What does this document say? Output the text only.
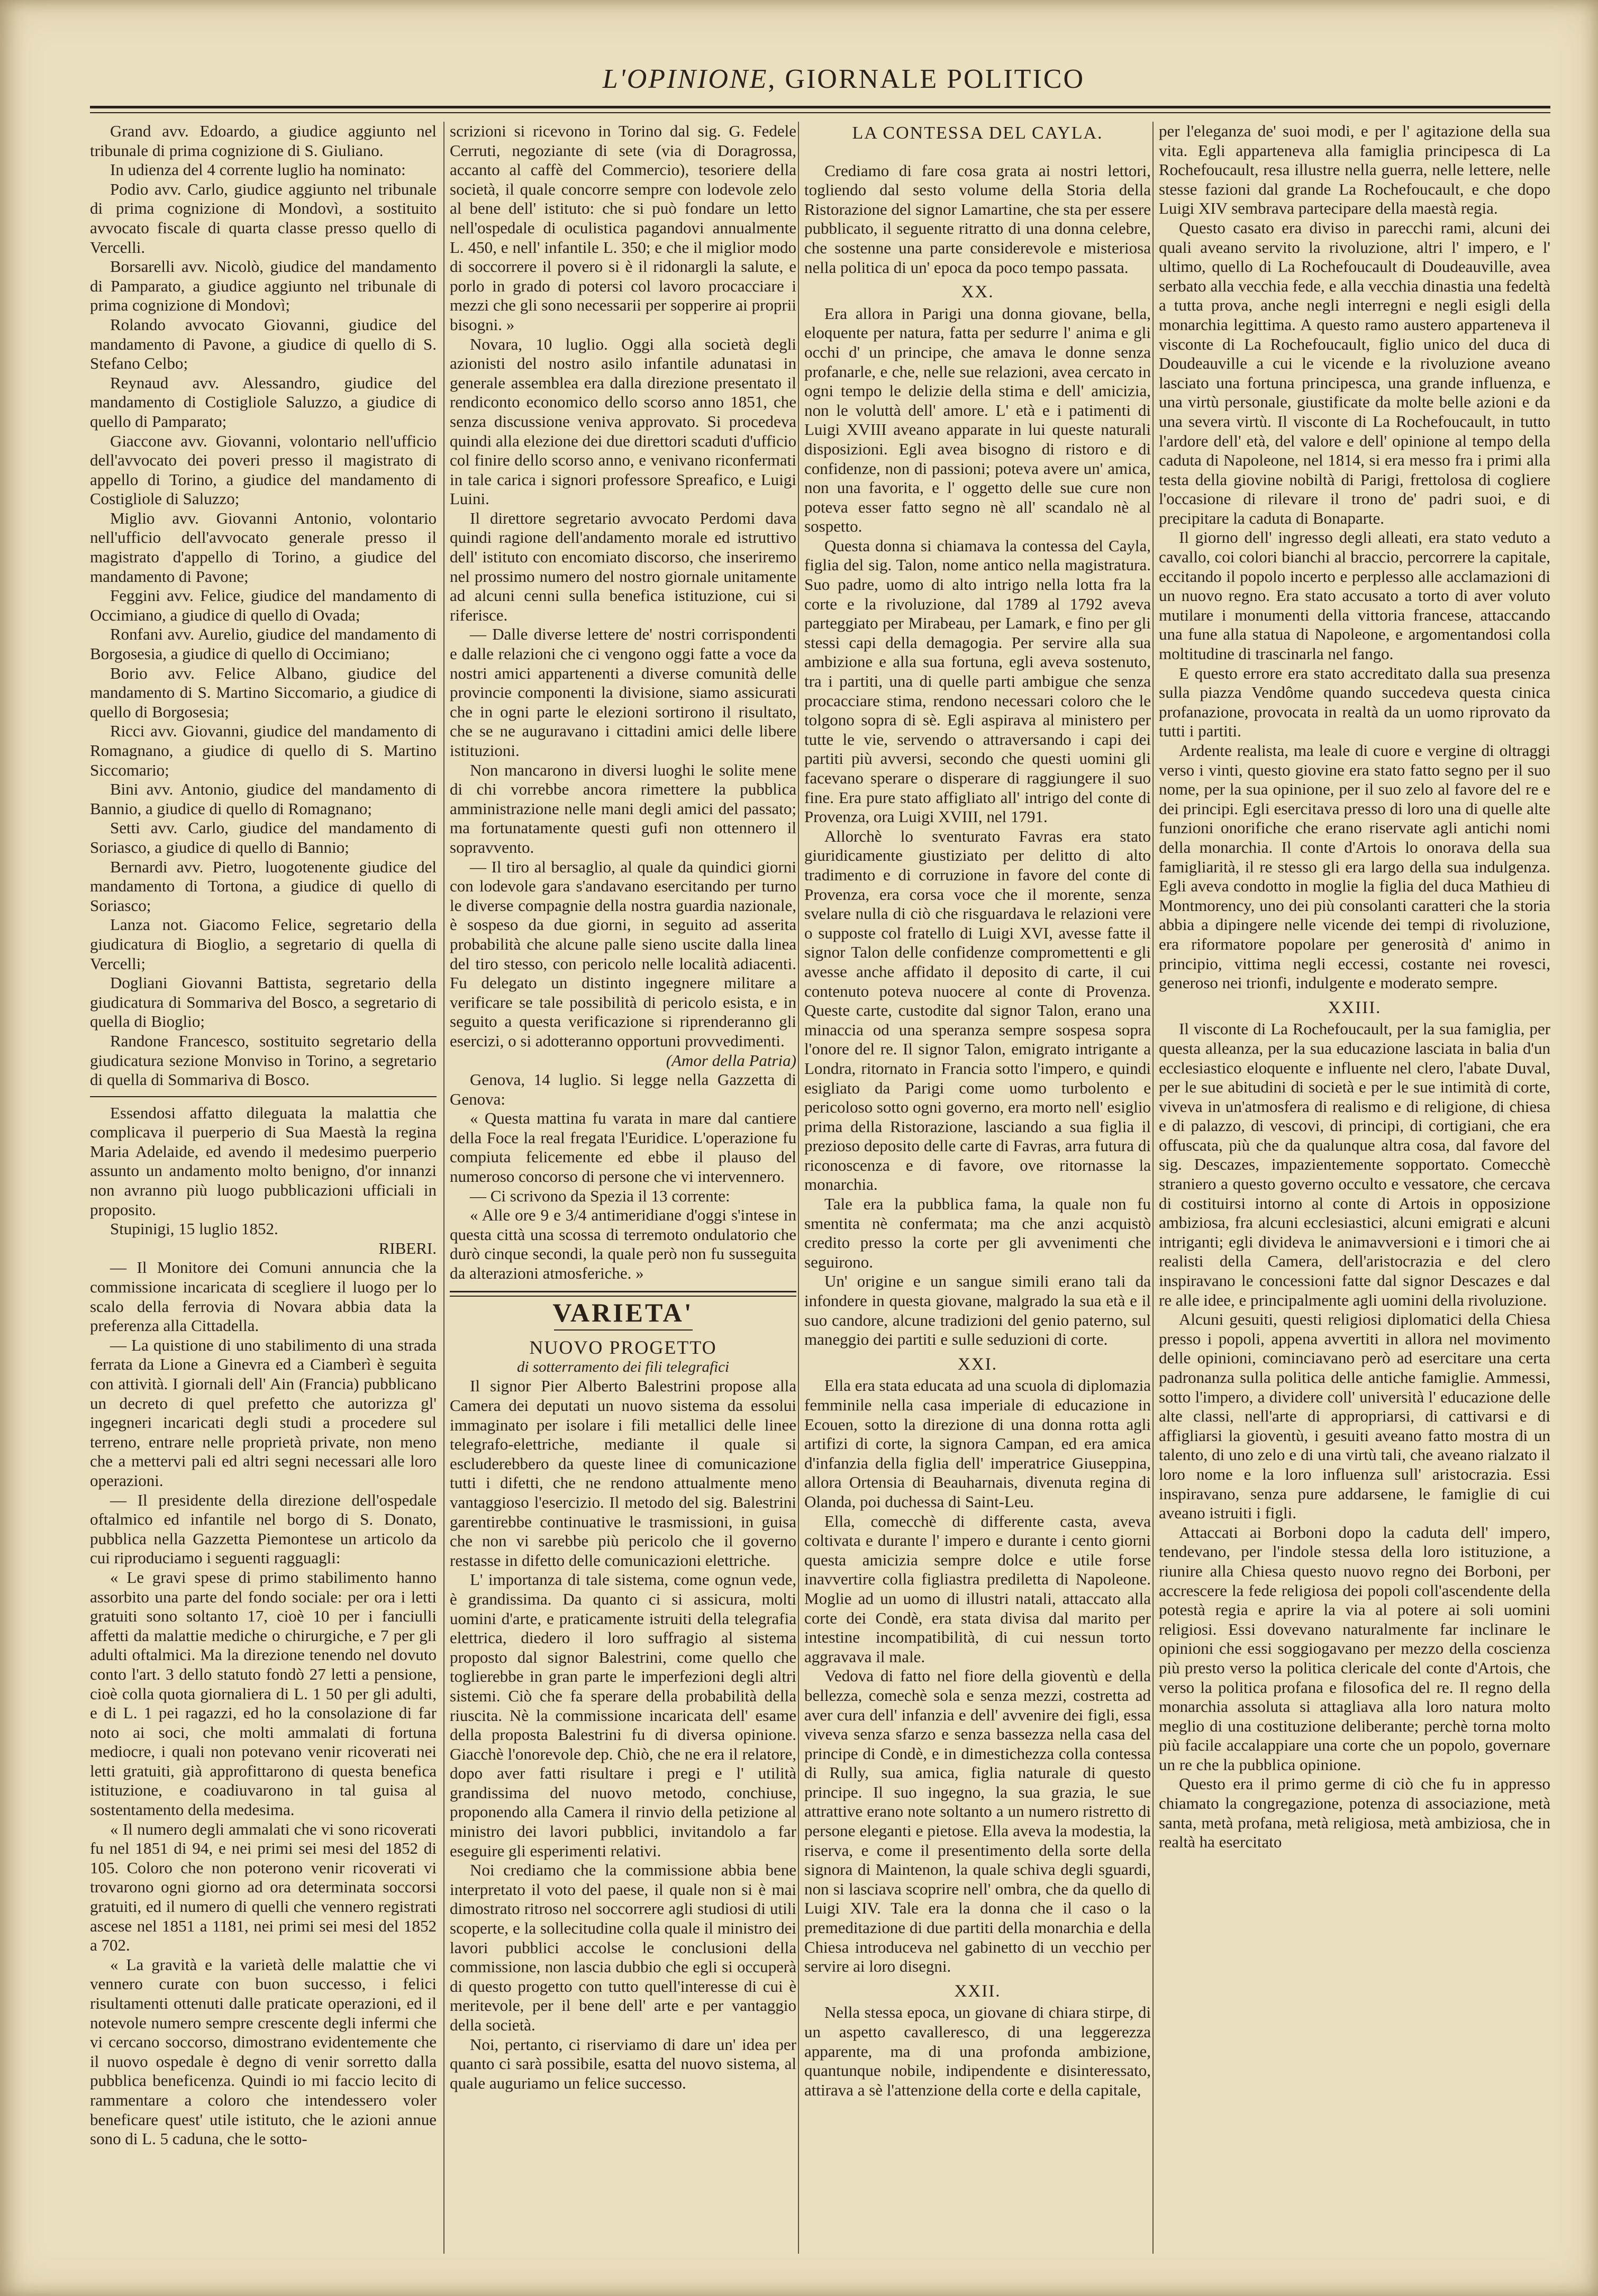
L'OPINIONE, GIORNALE POLITICO

Grand avv. Edoardo, a giudice aggiunto nel tribunale di prima cognizione di S. Giuliano.

In udienza del 4 corrente luglio ha nominato:

Podio avv. Carlo, giudice aggiunto nel tribunale di prima cognizione di Mondovì, a sostituito avvocato fiscale di quarta classe presso quello di Vercelli.

Borsarelli avv. Nicolò, giudice del mandamento di Pamparato, a giudice aggiunto nel tribunale di prima cognizione di Mondovì;

Rolando avvocato Giovanni, giudice del mandamento di Pavone, a giudice di quello di S. Stefano Celbo;

Reynaud avv. Alessandro, giudice del mandamento di Costigliole Saluzzo, a giudice di quello di Pamparato;

Giaccone avv. Giovanni, volontario nell'ufficio dell'avvocato dei poveri presso il magistrato di appello di Torino, a giudice del mandamento di Costigliole di Saluzzo;

Miglio avv. Giovanni Antonio, volontario nell'ufficio dell'avvocato generale presso il magistrato d'appello di Torino, a giudice del mandamento di Pavone;

Feggini avv. Felice, giudice del mandamento di Occimiano, a giudice di quello di Ovada;

Ronfani avv. Aurelio, giudice del mandamento di Borgosesia, a giudice di quello di Occimiano;

Borio avv. Felice Albano, giudice del mandamento di S. Martino Siccomario, a giudice di quello di Borgosesia;

Ricci avv. Giovanni, giudice del mandamento di Romagnano, a giudice di quello di S. Martino Siccomario;

Bini avv. Antonio, giudice del mandamento di Bannio, a giudice di quello di Romagnano;

Setti avv. Carlo, giudice del mandamento di Soriasco, a giudice di quello di Bannio;

Bernardi avv. Pietro, luogotenente giudice del mandamento di Tortona, a giudice di quello di Soriasco;

Lanza not. Giacomo Felice, segretario della giudicatura di Bioglio, a segretario di quella di Vercelli;

Dogliani Giovanni Battista, segretario della giudicatura di Sommariva del Bosco, a segretario di quella di Bioglio;

Randone Francesco, sostituito segretario della giudicatura sezione Monviso in Torino, a segretario di quella di Sommariva di Bosco.

Essendosi affatto dileguata la malattia che complicava il puerperio di Sua Maestà la regina Maria Adelaide, ed avendo il medesimo puerperio assunto un andamento molto benigno, d'or innanzi non avranno più luogo pubblicazioni ufficiali in proposito.

Stupinigi, 15 luglio 1852.

RIBERI.

— Il Monitore dei Comuni annuncia che la commissione incaricata di scegliere il luogo per lo scalo della ferrovia di Novara abbia data la preferenza alla Cittadella.

— La quistione di uno stabilimento di una strada ferrata da Lione a Ginevra ed a Ciamberì è seguita con attività. I giornali dell' Ain (Francia) pubblicano un decreto di quel prefetto che autorizza gl' ingegneri incaricati degli studi a procedere sul terreno, entrare nelle proprietà private, non meno che a mettervi pali ed altri segni necessari alle loro operazioni.

— Il presidente della direzione dell'ospedale oftalmico ed infantile nel borgo di S. Donato, pubblica nella Gazzetta Piemontese un articolo da cui riproduciamo i seguenti ragguagli:

« Le gravi spese di primo stabilimento hanno assorbito una parte del fondo sociale: per ora i letti gratuiti sono soltanto 17, cioè 10 per i fanciulli affetti da malattie mediche o chirurgiche, e 7 per gli adulti oftalmici. Ma la direzione tenendo nel dovuto conto l'art. 3 dello statuto fondò 27 letti a pensione, cioè colla quota giornaliera di L. 1 50 per gli adulti, e di L. 1 pei ragazzi, ed ho la consolazione di far noto ai soci, che molti ammalati di fortuna mediocre, i quali non potevano venir ricoverati nei letti gratuiti, già approfittarono di questa benefica istituzione, e coadiuvarono in tal guisa al sostentamento della medesima.

« Il numero degli ammalati che vi sono ricoverati fu nel 1851 di 94, e nei primi sei mesi del 1852 di 105. Coloro che non poterono venir ricoverati vi trovarono ogni giorno ad ora determinata soccorsi gratuiti, ed il numero di quelli che vennero registrati ascese nel 1851 a 1181, nei primi sei mesi del 1852 a 702.

« La gravità e la varietà delle malattie che vi vennero curate con buon successo, i felici risultamenti ottenuti dalle praticate operazioni, ed il notevole numero sempre crescente degli infermi che vi cercano soccorso, dimostrano evidentemente che il nuovo ospedale è degno di venir sorretto dalla pubblica beneficenza. Quindi io mi faccio lecito di rammentare a coloro che intendessero voler beneficare quest' utile istituto, che le azioni annue sono di L. 5 caduna, che le sotto-

scrizioni si ricevono in Torino dal sig. G. Fedele Cerruti, negoziante di sete (via di Doragrossa, accanto al caffè del Commercio), tesoriere della società, il quale concorre sempre con lodevole zelo al bene dell' istituto: che si può fondare un letto nell'ospedale di oculistica pagandovi annualmente L. 450, e nell' infantile L. 350; e che il miglior modo di soccorrere il povero si è il ridonargli la salute, e porlo in grado di potersi col lavoro procacciare i mezzi che gli sono necessarii per sopperire ai proprii bisogni. »

Novara, 10 luglio. Oggi alla società degli azionisti del nostro asilo infantile adunatasi in generale assemblea era dalla direzione presentato il rendiconto economico dello scorso anno 1851, che senza discussione veniva approvato. Si procedeva quindi alla elezione dei due direttori scaduti d'ufficio col finire dello scorso anno, e venivano riconfermati in tale carica i signori professore Spreafico, e Luigi Luini.

Il direttore segretario avvocato Perdomi dava quindi ragione dell'andamento morale ed istruttivo dell' istituto con encomiato discorso, che inseriremo nel prossimo numero del nostro giornale unitamente ad alcuni cenni sulla benefica istituzione, cui si riferisce.

— Dalle diverse lettere de' nostri corrispondenti e dalle relazioni che ci vengono oggi fatte a voce da nostri amici appartenenti a diverse comunità delle provincie componenti la divisione, siamo assicurati che in ogni parte le elezioni sortirono il risultato, che se ne auguravano i cittadini amici delle libere istituzioni.

Non mancarono in diversi luoghi le solite mene di chi vorrebbe ancora rimettere la pubblica amministrazione nelle mani degli amici del passato; ma fortunatamente questi gufi non ottennero il sopravvento.

— Il tiro al bersaglio, al quale da quindici giorni con lodevole gara s'andavano esercitando per turno le diverse compagnie della nostra guardia nazionale, è sospeso da due giorni, in seguito ad asserita probabilità che alcune palle sieno uscite dalla linea del tiro stesso, con pericolo nelle località adiacenti. Fu delegato un distinto ingegnere militare a verificare se tale possibilità di pericolo esista, e in seguito a questa verificazione si riprenderanno gli esercizi, o si adotteranno opportuni provvedimenti.

(Amor della Patria)

Genova, 14 luglio. Si legge nella Gazzetta di Genova:

« Questa mattina fu varata in mare dal cantiere della Foce la real fregata l'Euridice. L'operazione fu compiuta felicemente ed ebbe il plauso del numeroso concorso di persone che vi intervennero.

— Ci scrivono da Spezia il 13 corrente:

« Alle ore 9 e 3/4 antimeridiane d'oggi s'intese in questa città una scossa di terremoto ondulatorio che durò cinque secondi, la quale però non fu susseguita da alterazioni atmosferiche. »

VARIETA'

NUOVO PROGETTO

di sotterramento dei fili telegrafici

Il signor Pier Alberto Balestrini propose alla Camera dei deputati un nuovo sistema da essolui immaginato per isolare i fili metallici delle linee telegrafo-elettriche, mediante il quale si escluderebbero da queste linee di comunicazione tutti i difetti, che ne rendono attualmente meno vantaggioso l'esercizio. Il metodo del sig. Balestrini garentirebbe continuative le trasmissioni, in guisa che non vi sarebbe più pericolo che il governo restasse in difetto delle comunicazioni elettriche.

L' importanza di tale sistema, come ognun vede, è grandissima. Da quanto ci si assicura, molti uomini d'arte, e praticamente istruiti della telegrafia elettrica, diedero il loro suffragio al sistema proposto dal signor Balestrini, come quello che toglierebbe in gran parte le imperfezioni degli altri sistemi. Ciò che fa sperare della probabilità della riuscita. Nè la commissione incaricata dell' esame della proposta Balestrini fu di diversa opinione. Giacchè l'onorevole dep. Chiò, che ne era il relatore, dopo aver fatti risultare i pregi e l' utilità grandissima del nuovo metodo, conchiuse, proponendo alla Camera il rinvio della petizione al ministro dei lavori pubblici, invitandolo a far eseguire gli esperimenti relativi.

Noi crediamo che la commissione abbia bene interpretato il voto del paese, il quale non si è mai dimostrato ritroso nel soccorrere agli studiosi di utili scoperte, e la sollecitudine colla quale il ministro dei lavori pubblici accolse le conclusioni della commissione, non lascia dubbio che egli si occuperà di questo progetto con tutto quell'interesse di cui è meritevole, per il bene dell' arte e per vantaggio della società.

Noi, pertanto, ci riserviamo di dare un' idea per quanto ci sarà possibile, esatta del nuovo sistema, al quale auguriamo un felice successo.

LA CONTESSA DEL CAYLA.

Crediamo di fare cosa grata ai nostri lettori, togliendo dal sesto volume della Storia della Ristorazione del signor Lamartine, che sta per essere pubblicato, il seguente ritratto di una donna celebre, che sostenne una parte considerevole e misteriosa nella politica di un' epoca da poco tempo passata.

XX.

Era allora in Parigi una donna giovane, bella, eloquente per natura, fatta per sedurre l' anima e gli occhi d' un principe, che amava le donne senza profanarle, e che, nelle sue relazioni, avea cercato in ogni tempo le delizie della stima e dell' amicizia, non le voluttà dell' amore. L' età e i patimenti di Luigi XVIII aveano apparate in lui queste naturali disposizioni. Egli avea bisogno di ristoro e di confidenze, non di passioni; poteva avere un' amica, non una favorita, e l' oggetto delle sue cure non poteva esser fatto segno nè all' scandalo nè al sospetto.

Questa donna si chiamava la contessa del Cayla, figlia del sig. Talon, nome antico nella magistratura. Suo padre, uomo di alto intrigo nella lotta fra la corte e la rivoluzione, dal 1789 al 1792 aveva parteggiato per Mirabeau, per Lamark, e fino per gli stessi capi della demagogia. Per servire alla sua ambizione e alla sua fortuna, egli aveva sostenuto, tra i partiti, una di quelle parti ambigue che senza procacciare stima, rendono necessari coloro che le tolgono sopra di sè. Egli aspirava al ministero per tutte le vie, servendo o attraversando i capi dei partiti più avversi, secondo che questi uomini gli facevano sperare o disperare di raggiungere il suo fine. Era pure stato affigliato all' intrigo del conte di Provenza, ora Luigi XVIII, nel 1791.

Allorchè lo sventurato Favras era stato giuridicamente giustiziato per delitto di alto tradimento e di corruzione in favore del conte di Provenza, era corsa voce che il morente, senza svelare nulla di ciò che risguardava le relazioni vere o supposte col fratello di Luigi XVI, avesse fatte il signor Talon delle confidenze compromettenti e gli avesse anche affidato il deposito di carte, il cui contenuto poteva nuocere al conte di Provenza. Queste carte, custodite dal signor Talon, erano una minaccia od una speranza sempre sospesa sopra l'onore del re. Il signor Talon, emigrato intrigante a Londra, ritornato in Francia sotto l'impero, e quindi esigliato da Parigi come uomo turbolento e pericoloso sotto ogni governo, era morto nell' esiglio prima della Ristorazione, lasciando a sua figlia il prezioso deposito delle carte di Favras, arra futura di riconoscenza e di favore, ove ritornasse la monarchia.

Tale era la pubblica fama, la quale non fu smentita nè confermata; ma che anzi acquistò credito presso la corte per gli avvenimenti che seguirono.

Un' origine e un sangue simili erano tali da infondere in questa giovane, malgrado la sua età e il suo candore, alcune tradizioni del genio paterno, sul maneggio dei partiti e sulle seduzioni di corte.

XXI.

Ella era stata educata ad una scuola di diplomazia femminile nella casa imperiale di educazione in Ecouen, sotto la direzione di una donna rotta agli artifizi di corte, la signora Campan, ed era amica d'infanzia della figlia dell' imperatrice Giuseppina, allora Ortensia di Beauharnais, divenuta regina di Olanda, poi duchessa di Saint-Leu.

Ella, comecchè di differente casta, aveva coltivata e durante l' impero e durante i cento giorni questa amicizia sempre dolce e utile forse inavvertire colla figliastra prediletta di Napoleone. Moglie ad un uomo di illustri natali, attaccato alla corte dei Condè, era stata divisa dal marito per intestine incompatibilità, di cui nessun torto aggravava il male.

Vedova di fatto nel fiore della gioventù e della bellezza, comechè sola e senza mezzi, costretta ad aver cura dell' infanzia e dell' avvenire dei figli, essa viveva senza sfarzo e senza bassezza nella casa del principe di Condè, e in dimestichezza colla contessa di Rully, sua amica, figlia naturale di questo principe. Il suo ingegno, la sua grazia, le sue attrattive erano note soltanto a un numero ristretto di persone eleganti e pietose. Ella aveva la modestia, la riserva, e come il presentimento della sorte della signora di Maintenon, la quale schiva degli sguardi, non si lasciava scoprire nell' ombra, che da quello di Luigi XIV. Tale era la donna che il caso o la premeditazione di due partiti della monarchia e della Chiesa introduceva nel gabinetto di un vecchio per servire ai loro disegni.

XXII.

Nella stessa epoca, un giovane di chiara stirpe, di un aspetto cavalleresco, di una leggerezza apparente, ma di una profonda ambizione, quantunque nobile, indipendente e disinteressato, attirava a sè l'attenzione della corte e della capitale,

per l'eleganza de' suoi modi, e per l' agitazione della sua vita. Egli apparteneva alla famiglia principesca di La Rochefoucault, resa illustre nella guerra, nelle lettere, nelle stesse fazioni dal grande La Rochefoucault, e che dopo Luigi XIV sembrava partecipare della maestà regia.

Questo casato era diviso in parecchi rami, alcuni dei quali aveano servito la rivoluzione, altri l' impero, e l' ultimo, quello di La Rochefoucault di Doudeauville, avea serbato alla vecchia fede, e alla vecchia dinastia una fedeltà a tutta prova, anche negli interregni e negli esigli della monarchia legittima. A questo ramo austero apparteneva il visconte di La Rochefoucault, figlio unico del duca di Doudeauville a cui le vicende e la rivoluzione aveano lasciato una fortuna principesca, una grande influenza, e una virtù personale, giustificate da molte belle azioni e da una severa virtù. Il visconte di La Rochefoucault, in tutto l'ardore dell' età, del valore e dell' opinione al tempo della caduta di Napoleone, nel 1814, si era messo fra i primi alla testa della giovine nobiltà di Parigi, frettolosa di cogliere l'occasione di rilevare il trono de' padri suoi, e di precipitare la caduta di Bonaparte.

Il giorno dell' ingresso degli alleati, era stato veduto a cavallo, coi colori bianchi al braccio, percorrere la capitale, eccitando il popolo incerto e perplesso alle acclamazioni di un nuovo regno. Era stato accusato a torto di aver voluto mutilare i monumenti della vittoria francese, attaccando una fune alla statua di Napoleone, e argomentandosi colla moltitudine di trascinarla nel fango.

E questo errore era stato accreditato dalla sua presenza sulla piazza Vendôme quando succedeva questa cinica profanazione, provocata in realtà da un uomo riprovato da tutti i partiti.

Ardente realista, ma leale di cuore e vergine di oltraggi verso i vinti, questo giovine era stato fatto segno per il suo nome, per la sua opinione, per il suo zelo al favore del re e dei principi. Egli esercitava presso di loro una di quelle alte funzioni onorifiche che erano riservate agli antichi nomi della monarchia. Il conte d'Artois lo onorava della sua famigliarità, il re stesso gli era largo della sua indulgenza. Egli aveva condotto in moglie la figlia del duca Mathieu di Montmorency, uno dei più consolanti caratteri che la storia abbia a dipingere nelle vicende dei tempi di rivoluzione, era riformatore popolare per generosità d' animo in principio, vittima negli eccessi, costante nei rovesci, generoso nei trionfi, indulgente e moderato sempre.

XXIII.

Il visconte di La Rochefoucault, per la sua famiglia, per questa alleanza, per la sua educazione lasciata in balia d'un ecclesiastico eloquente e influente nel clero, l'abate Duval, per le sue abitudini di società e per le sue intimità di corte, viveva in un'atmosfera di realismo e di religione, di chiesa e di palazzo, di vescovi, di principi, di cortigiani, che era offuscata, più che da qualunque altra cosa, dal favore del sig. Descazes, impazientemente sopportato. Comecchè straniero a questo governo occulto e vessatore, che cercava di costituirsi intorno al conte di Artois in opposizione ambiziosa, fra alcuni ecclesiastici, alcuni emigrati e alcuni intriganti; egli divideva le animavversioni e i timori che ai realisti della Camera, dell'aristocrazia e del clero inspiravano le concessioni fatte dal signor Descazes e dal re alle idee, e principalmente agli uomini della rivoluzione.

Alcuni gesuiti, questi religiosi diplomatici della Chiesa presso i popoli, appena avvertiti in allora nel movimento delle opinioni, cominciavano però ad esercitare una certa padronanza sulla politica delle antiche famiglie. Ammessi, sotto l'impero, a dividere coll' università l' educazione delle alte classi, nell'arte di appropriarsi, di cattivarsi e di affigliarsi la gioventù, i gesuiti aveano fatto mostra di un talento, di uno zelo e di una virtù tali, che aveano rialzato il loro nome e la loro influenza sull' aristocrazia. Essi inspiravano, senza pure addarsene, le famiglie di cui aveano istruiti i figli.

Attaccati ai Borboni dopo la caduta dell' impero, tendevano, per l'indole stessa della loro istituzione, a riunire alla Chiesa questo nuovo regno dei Borboni, per accrescere la fede religiosa dei popoli coll'ascendente della potestà regia e aprire la via al potere ai soli uomini religiosi. Essi dovevano naturalmente far inclinare le opinioni che essi soggiogavano per mezzo della coscienza più presto verso la politica clericale del conte d'Artois, che verso la politica profana e filosofica del re. Il regno della monarchia assoluta si attagliava alla loro natura molto meglio di una costituzione deliberante; perchè torna molto più facile accalappiare una corte che un popolo, governare un re che la pubblica opinione.

Questo era il primo germe di ciò che fu in appresso chiamato la congregazione, potenza di associazione, metà santa, metà profana, metà religiosa, metà ambiziosa, che in realtà ha esercitato
